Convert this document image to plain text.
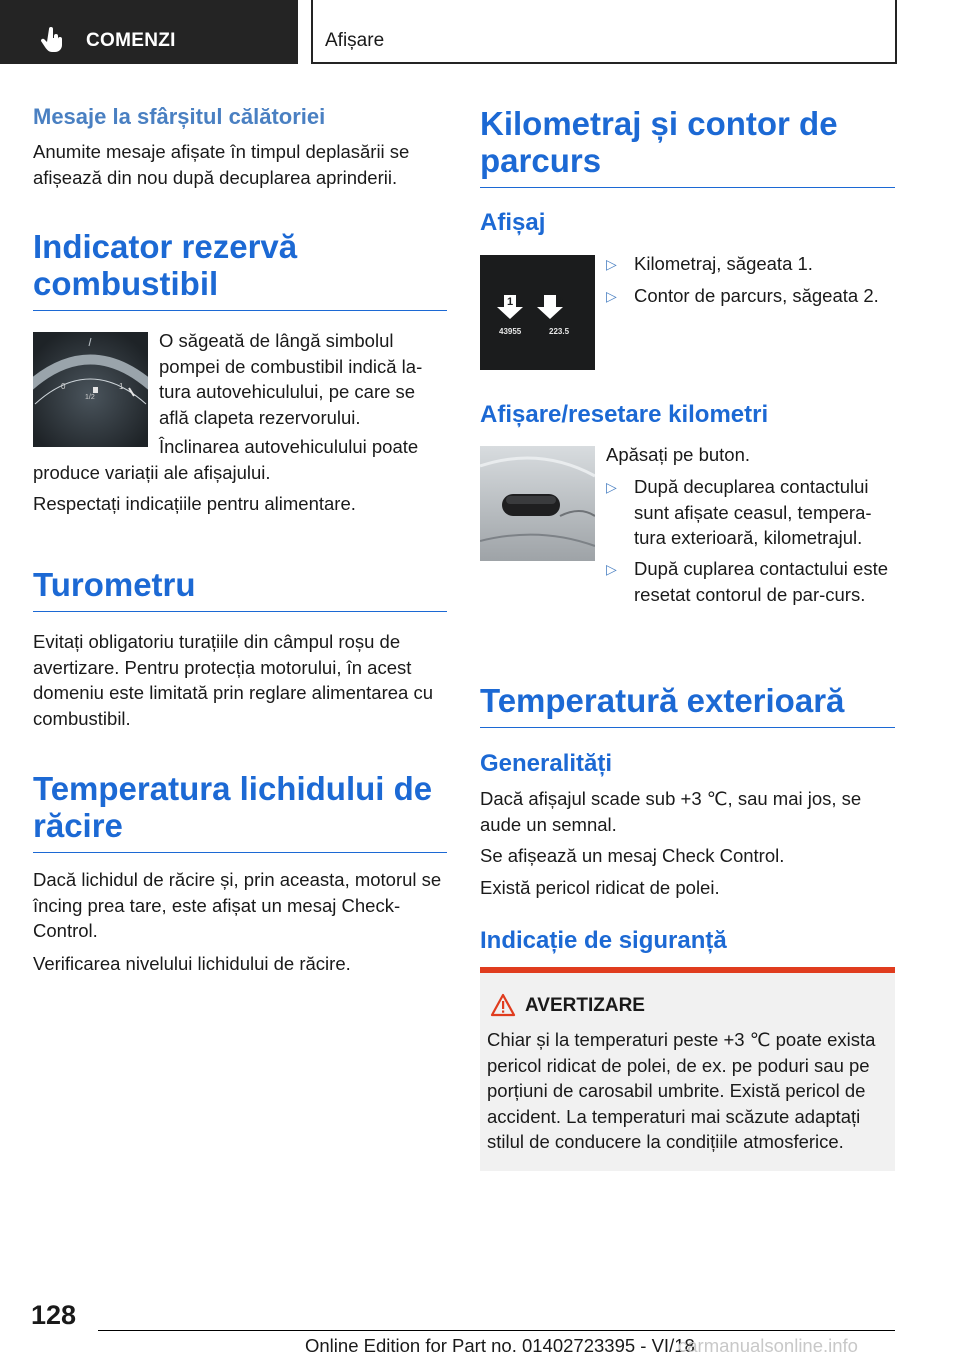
COMENZI	Afișare
Mesaje la sfârșitul călătoriei

Anumite mesaje afișate în timpul deplasării se afișează din nou după decuplarea aprinderii.

Indicator rezervă combustibil
0
1/2
1

O săgeată de lângă simbolul pompei de combustibil indică la-tura autovehiculului, pe care se află clapeta rezervorului.

Înclinarea autovehiculului poate

produce variații ale afișajului.

Respectați indicațiile pentru alimentare.

Turometru

Evitați obligatoriu turațiile din câmpul roșu de avertizare. Pentru protecția motorului, în acest domeniu este limitată prin reglare alimentarea cu combustibil.

Temperatura lichidului de răcire

Dacă lichidul de răcire și, prin aceasta, motorul se încing prea tare, este afișat un mesaj Check-Control.

Verificarea nivelului lichidului de răcire.

Kilometraj și contor de parcurs
Afișaj
1	2
43955	223.5
▷ Kilometraj, săgeata 1.
▷ Contor de parcurs, săgeata 2.
Afișare/resetare kilometri

Apăsați pe buton.

▷ După decuplarea contactului sunt afișate ceasul, tempera-tura exterioară, kilometrajul.
▷ După cuplarea contactului este resetat contorul de par-curs.
Temperatură exterioară
Generalități

Dacă afișajul scade sub +3 ℃, sau mai jos, se aude un semnal.

Se afișează un mesaj Check Control.

Există pericol ridicat de polei.

Indicație de siguranță
AVERTIZARE

Chiar și la temperaturi peste +3 ℃ poate exista pericol ridicat de polei, de ex. pe poduri sau pe porțiuni de carosabil umbrite. Există pericol de accident. La temperaturi mai scăzute adaptați stilul de conducere la condițiile atmosferice.

128
Online Edition for Part no. 01402723395 - VI/18
carmanualsonline.info
